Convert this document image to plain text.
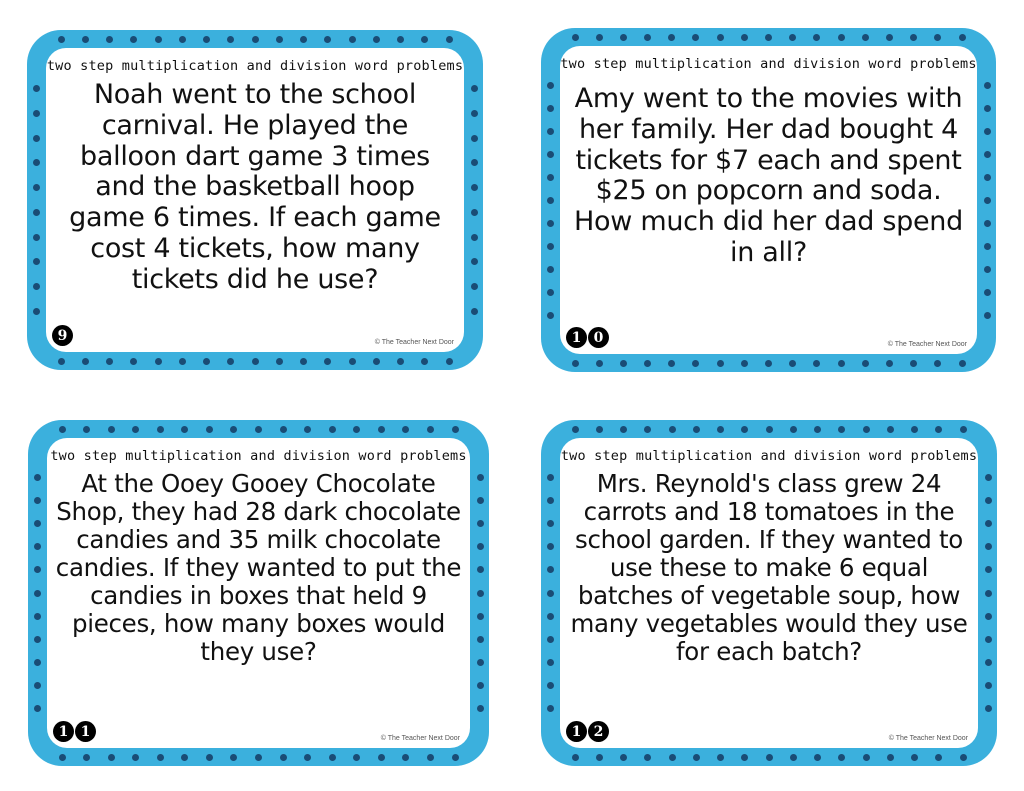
two step multiplication and division word problems
Noah went to the school carnival. He played the balloon dart game 3 times and the basketball hoop game 6 times. If each game cost 4 tickets, how many tickets did he use?
9	© The Teacher Next Door
two step multiplication and division word problems
Amy went to the movies with her family. Her dad bought 4 tickets for $7 each and spent $25 on popcorn and soda. How much did her dad spend in all?
1 0	© The Teacher Next Door
two step multiplication and division word problems
At the Ooey Gooey Chocolate Shop, they had 28 dark chocolate candies and 35 milk chocolate candies. If they wanted to put the candies in boxes that held 9 pieces, how many boxes would they use?
1 1	© The Teacher Next Door
two step multiplication and division word problems
Mrs. Reynold's class grew 24 carrots and 18 tomatoes in the school garden. If they wanted to use these to make 6 equal batches of vegetable soup, how many vegetables would they use for each batch?
1 2	© The Teacher Next Door
